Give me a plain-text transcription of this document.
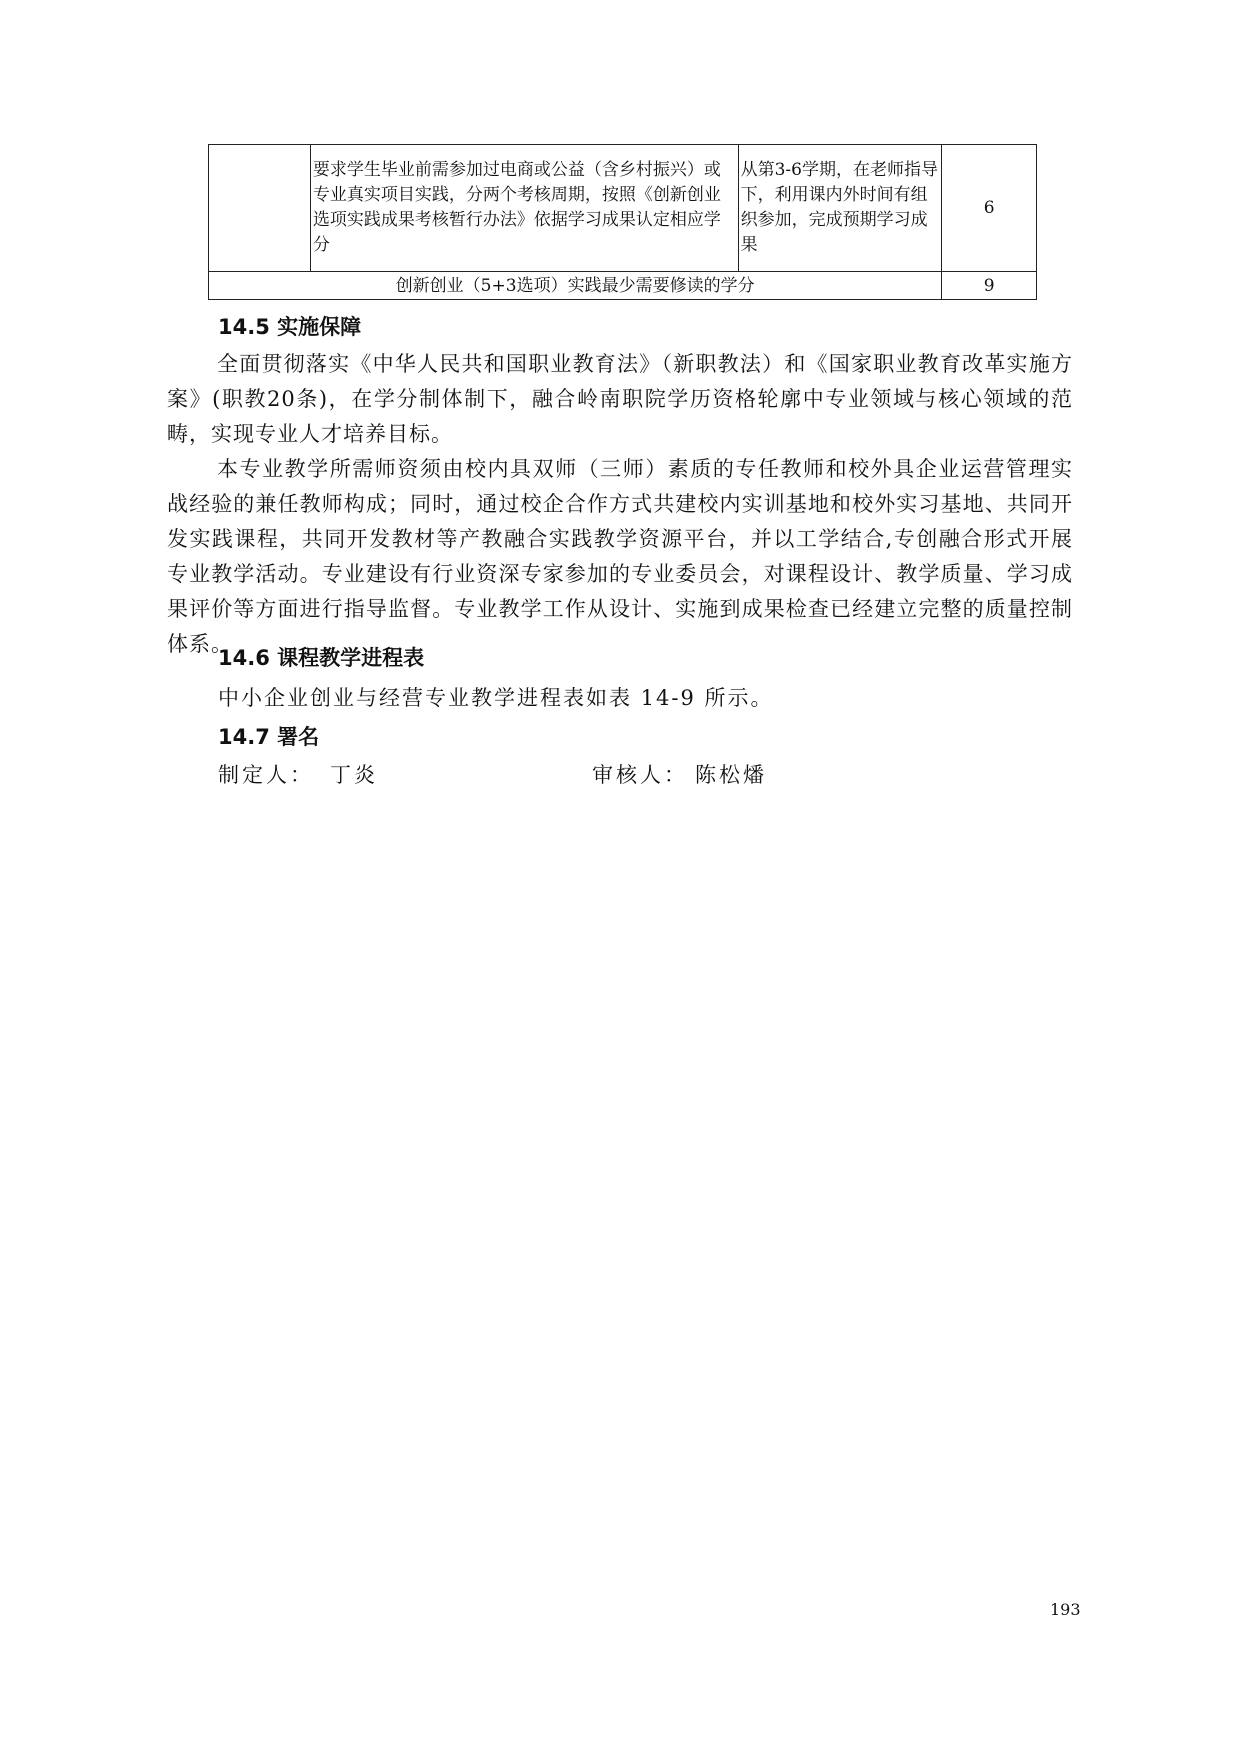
	要求学生毕业前需参加过电商或公益（含乡村振兴）或专业真实项目实践，分两个考核周期，按照《创新创业选项实践成果考核暂行办法》依据学习成果认定相应学分	从第3-6学期，在老师指导下，利用课内外时间有组织参加，完成预期学习成果	6
创新创业（5+3选项）实践最少需要修读的学分			9
14.5 实施保障

全面贯彻落实《中华人民共和国职业教育法》（新职教法）和《国家职业教育改革实施方案》(职教20条)，在学分制体制下，融合岭南职院学历资格轮廓中专业领域与核心领域的范畴，实现专业人才培养目标。

本专业教学所需师资须由校内具双师（三师）素质的专任教师和校外具企业运营管理实战经验的兼任教师构成；同时，通过校企合作方式共建校内实训基地和校外实习基地、共同开发实践课程，共同开发教材等产教融合实践教学资源平台，并以工学结合,专创融合形式开展专业教学活动。专业建设有行业资深专家参加的专业委员会，对课程设计、教学质量、学习成果评价等方面进行指导监督。专业教学工作从设计、实施到成果检查已经建立完整的质量控制体系。

14.6 课程教学进程表

中小企业创业与经营专业教学进程表如表 14-9 所示。

14.7 署名
制定人： 丁炎	审核人： 陈松燔
193
